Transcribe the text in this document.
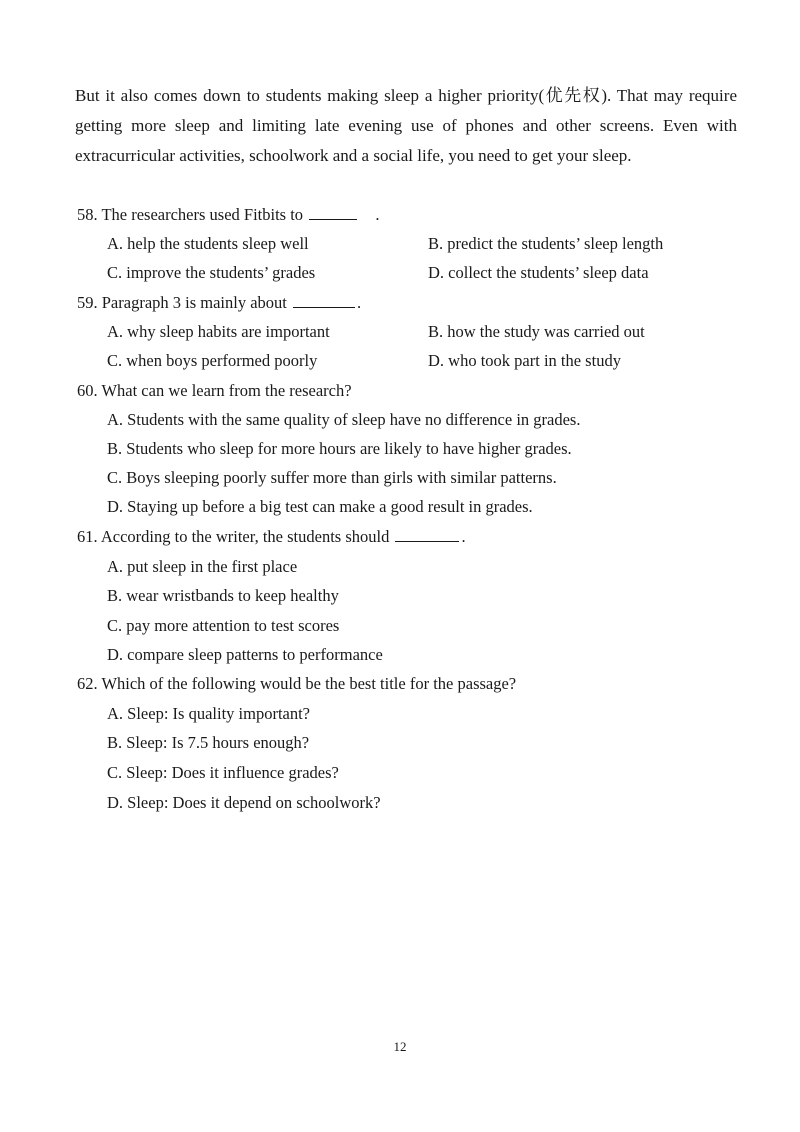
But it also comes down to students making sleep a higher priority(优先权). That may require getting more sleep and limiting late evening use of phones and other screens. Even with extracurricular activities, schoolwork and a social life, you need to get your sleep.

58. The researchers used Fitbits to	.
A. help the students sleep well	B. predict the students’ sleep length
C. improve the students’ grades	D. collect the students’ sleep data
59. Paragraph 3 is mainly about	.
A. why sleep habits are important	B. how the study was carried out
C. when boys performed poorly	D. who took part in the study
60. What can we learn from the research?
A. Students with the same quality of sleep have no difference in grades.
B. Students who sleep for more hours are likely to have higher grades.
C. Boys sleeping poorly suffer more than girls with similar patterns.
D. Staying up before a big test can make a good result in grades.
61. According to the writer, the students should	.
A. put sleep in the first place
B. wear wristbands to keep healthy
C. pay more attention to test scores
D. compare sleep patterns to performance
62. Which of the following would be the best title for the passage?
A. Sleep: Is quality important?
B. Sleep: Is 7.5 hours enough?
C. Sleep: Does it influence grades?
D. Sleep: Does it depend on schoolwork?
12
